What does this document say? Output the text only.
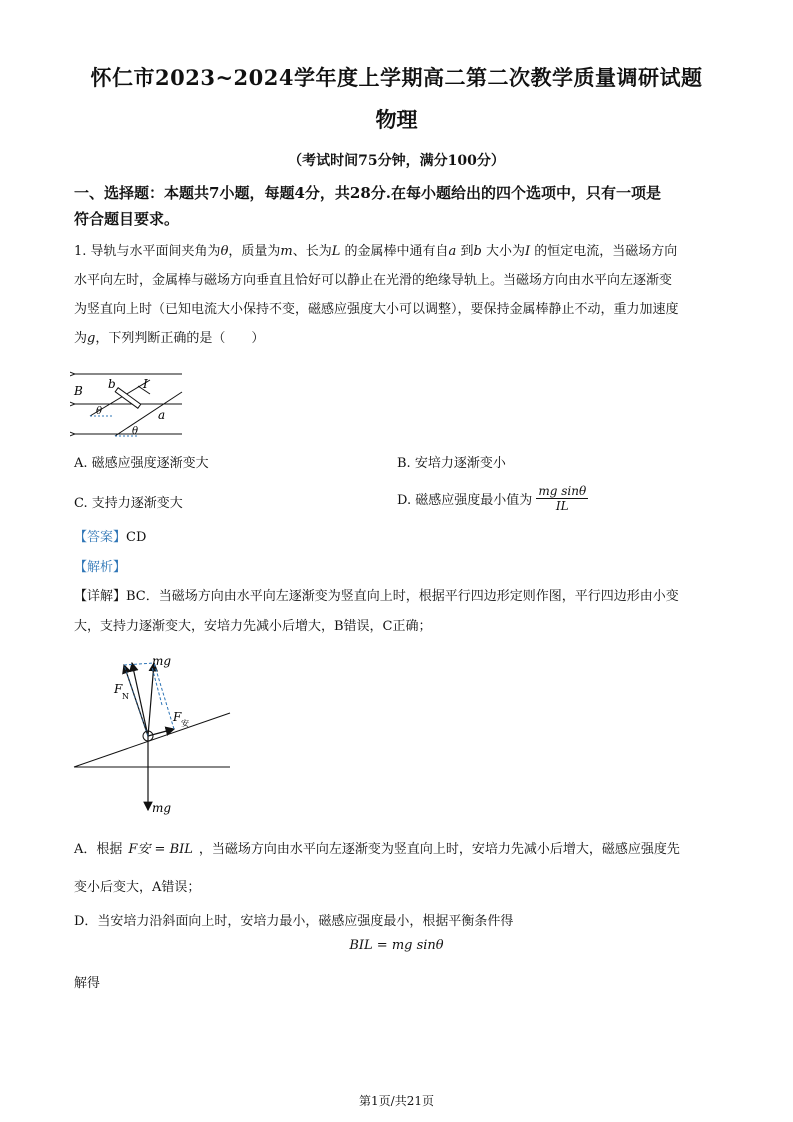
怀仁市2023~2024学年度上学期高二第二次教学质量调研试题
物理
（考试时间75分钟，满分100分）
一、选择题：本题共7小题，每题4分，共28分.在每小题给出的四个选项中，只有一项是
符合题目要求。
1. 导轨与水平面间夹角为θ，质量为m、长为L 的金属棒中通有自a 到b 大小为I 的恒定电流，当磁场方向
水平向左时，金属棒与磁场方向垂直且恰好可以静止在光滑的绝缘导轨上。当磁场方向由水平向左逐渐变
为竖直向上时（已知电流大小保持不变，磁感应强度大小可以调整），要保持金属棒静止不动，重力加速度
为g，下列判断正确的是（　　）
B b I
a
θ
θ
A. 磁感应强度逐渐变大	B. 安培力逐渐变小
C. 支持力逐渐变大	D. 磁感应强度最小值为 $\frac{\text{mg sinθ}}{IL}$
【答案】CD
【解析】
【详解】BC．当磁场方向由水平向左逐渐变为竖直向上时，根据平行四边形定则作图，平行四边形由小变
大，支持力逐渐变大，安培力先减小后增大，B错误，C正确；
mg
F
N
F 安
mg
A．根据 F安 = BIL ，当磁场方向由水平向左逐渐变为竖直向上时，安培力先减小后增大，磁感应强度先
变小后变大，A错误；
D．当安培力沿斜面向上时，安培力最小，磁感应强度最小，根据平衡条件得
BIL = mg sinθ
解得
第1页/共21页
